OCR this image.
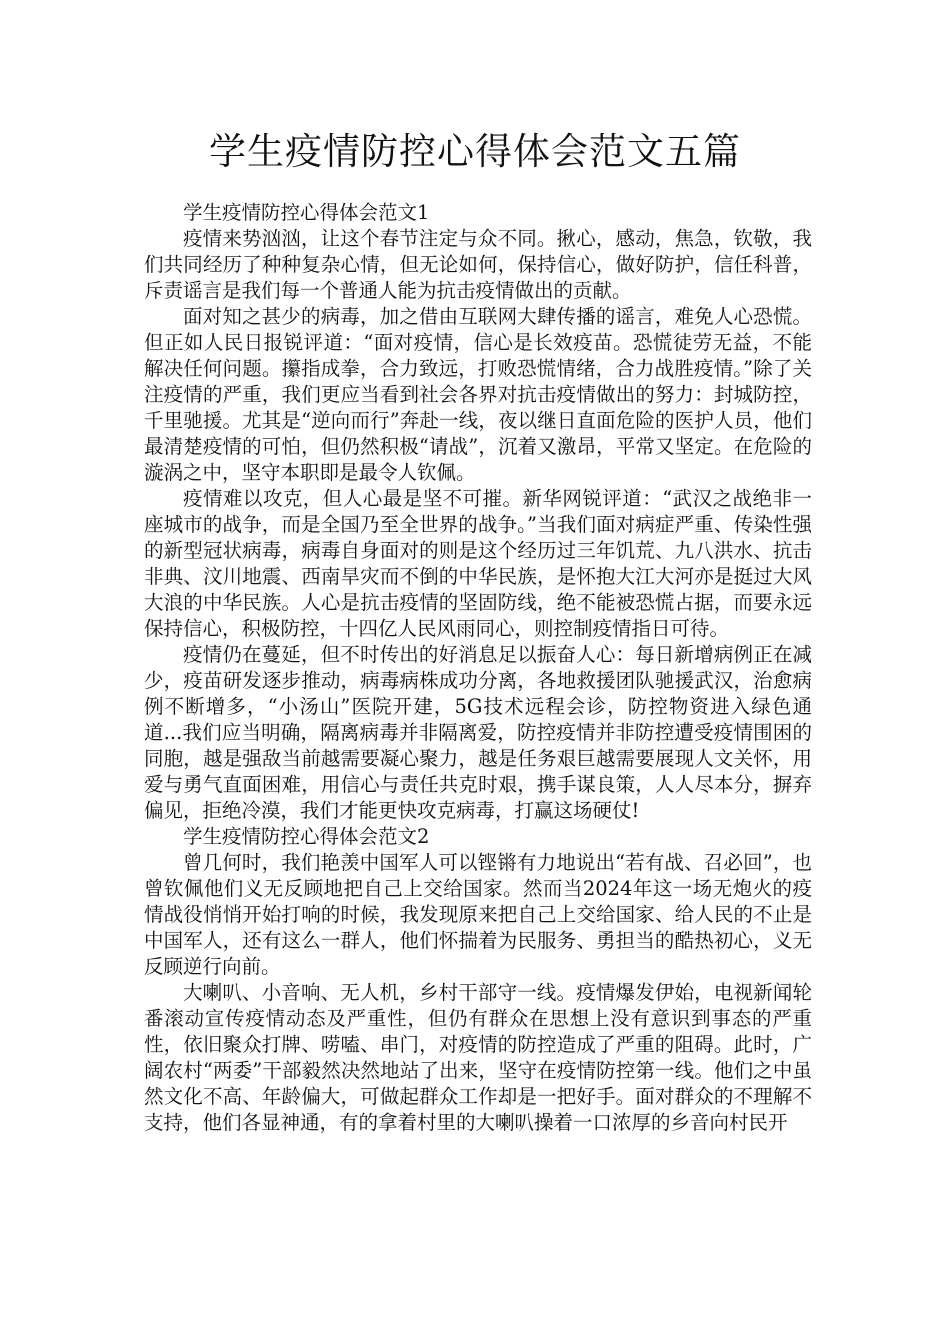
学生疫情防控心得体会范文五篇

学生疫情防控心得体会范文1

疫情来势汹汹，让这个春节注定与众不同。揪心，感动，焦急，钦敬，我们共同经历了种种复杂心情，但无论如何，保持信心，做好防护，信任科普，斥责谣言是我们每一个普通人能为抗击疫情做出的贡献。

面对知之甚少的病毒，加之借由互联网大肆传播的谣言，难免人心恐慌。但正如人民日报锐评道：“面对疫情，信心是长效疫苗。恐慌徒劳无益，不能解决任何问题。攥指成拳，合力致远，打败恐慌情绪，合力战胜疫情。”除了关注疫情的严重，我们更应当看到社会各界对抗击疫情做出的努力：封城防控，千里驰援。尤其是“逆向而行”奔赴一线，夜以继日直面危险的医护人员，他们最清楚疫情的可怕，但仍然积极“请战”，沉着又激昂，平常又坚定。在危险的漩涡之中，坚守本职即是最令人钦佩。

疫情难以攻克，但人心最是坚不可摧。新华网锐评道：“武汉之战绝非一座城市的战争，而是全国乃至全世界的战争。”当我们面对病症严重、传染性强的新型冠状病毒，病毒自身面对的则是这个经历过三年饥荒、九八洪水、抗击非典、汶川地震、西南旱灾而不倒的中华民族，是怀抱大江大河亦是挺过大风大浪的中华民族。人心是抗击疫情的坚固防线，绝不能被恐慌占据，而要永远保持信心，积极防控，十四亿人民风雨同心，则控制疫情指日可待。

疫情仍在蔓延，但不时传出的好消息足以振奋人心：每日新增病例正在减少，疫苗研发逐步推动，病毒病株成功分离，各地救援团队驰援武汉，治愈病例不断增多，“小汤山”医院开建，5G技术远程会诊，防控物资进入绿色通道...我们应当明确，隔离病毒并非隔离爱，防控疫情并非防控遭受疫情围困的同胞，越是强敌当前越需要凝心聚力，越是任务艰巨越需要展现人文关怀，用爱与勇气直面困难，用信心与责任共克时艰，携手谋良策，人人尽本分，摒弃偏见，拒绝冷漠，我们才能更快攻克病毒，打赢这场硬仗!

学生疫情防控心得体会范文2

曾几何时，我们艳羡中国军人可以铿锵有力地说出“若有战、召必回”，也曾钦佩他们义无反顾地把自己上交给国家。然而当2024年这一场无炮火的疫情战役悄悄开始打响的时候，我发现原来把自己上交给国家、给人民的不止是中国军人，还有这么一群人，他们怀揣着为民服务、勇担当的酷热初心，义无反顾逆行向前。

大喇叭、小音响、无人机，乡村干部守一线。疫情爆发伊始，电视新闻轮番滚动宣传疫情动态及严重性，但仍有群众在思想上没有意识到事态的严重性，依旧聚众打牌、唠嗑、串门，对疫情的防控造成了严重的阻碍。此时，广阔农村“两委”干部毅然决然地站了出来，坚守在疫情防控第一线。他们之中虽然文化不高、年龄偏大，可做起群众工作却是一把好手。面对群众的不理解不支持，他们各显神通，有的拿着村里的大喇叭操着一口浓厚的乡音向村民开
